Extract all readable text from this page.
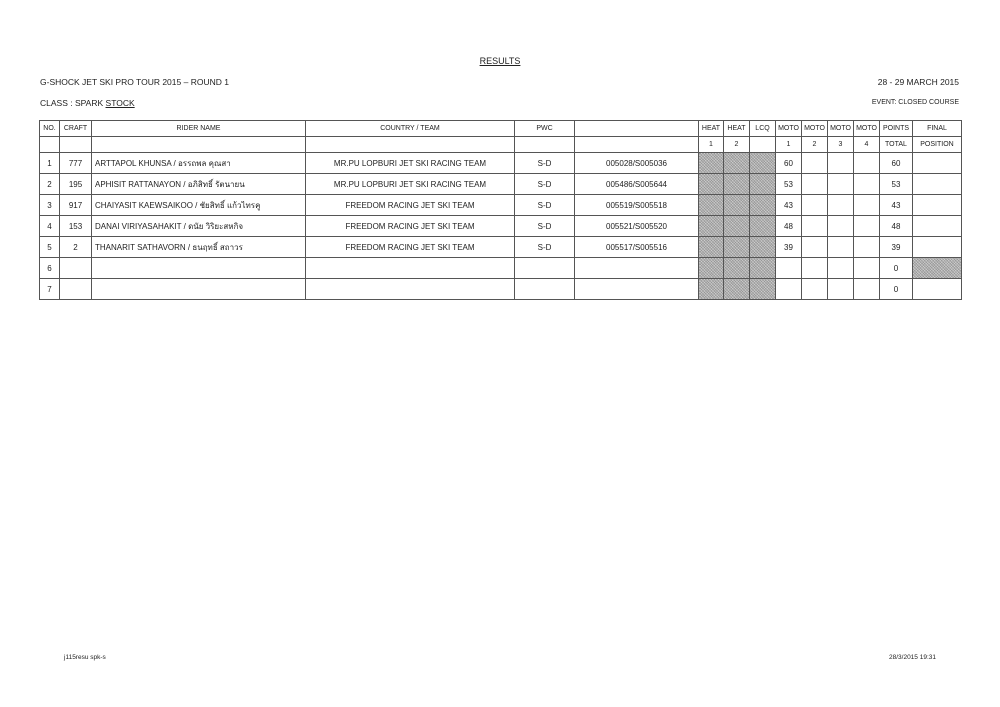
RESULTS
G-SHOCK JET SKI PRO TOUR 2015 – ROUND 1	28 - 29 MARCH 2015
CLASS : SPARK STOCK	EVENT: CLOSED COURSE
NO.	CRAFT	RIDER NAME	COUNTRY / TEAM	PWC		HEAT	HEAT	LCQ	MOTO	MOTO	MOTO	MOTO	POINTS	FINAL
						1	2		1	2	3	4	TOTAL	POSITION
1	777	ARTTAPOL KHUNSA / อรรถพล คุณสา	MR.PU LOPBURI JET SKI RACING TEAM	S-D	005028/S005036				60				60	
2	195	APHISIT RATTANAYON / อภิสิทธิ์ รัตนายน	MR.PU LOPBURI JET SKI RACING TEAM	S-D	005486/S005644				53				53	
3	917	CHAIYASIT KAEWSAIKOO / ชัยสิทธิ์ แก้วไทรคู	FREEDOM RACING JET SKI TEAM	S-D	005519/S005518				43				43	
4	153	DANAI VIRIYASAHAKIT / ดนัย วิริยะสหกิจ	FREEDOM RACING JET SKI TEAM	S-D	005521/S005520				48				48	
5	2	THANARIT SATHAVORN / ธนฤทธิ์ สถาวร	FREEDOM RACING JET SKI TEAM	S-D	005517/S005516				39				39	
6													0	
7													0	
j115resu spk-s	28/3/2015 19:31
